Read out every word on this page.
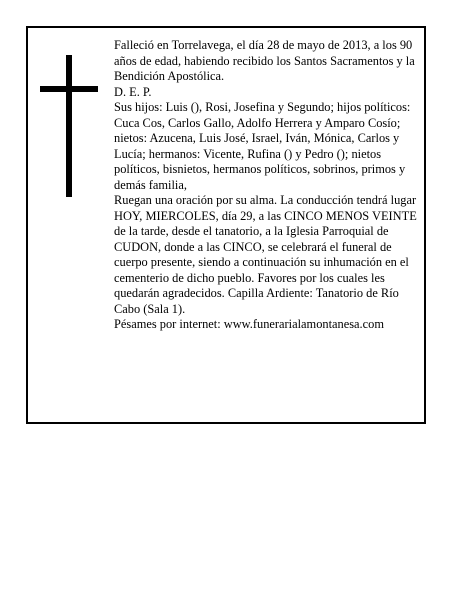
Falleció en Torrelavega, el día 28 de mayo de 2013, a los 90 años de edad, habiendo recibido los Santos Sacramentos y la Bendición Apostólica.

D. E. P.

Sus hijos: Luis (), Rosi, Josefina y Segundo; hijos políticos: Cuca Cos, Carlos Gallo, Adolfo Herrera y Amparo Cosío; nietos: Azucena, Luis José, Israel, Iván, Mónica, Carlos y Lucía; hermanos: Vicente, Rufina () y Pedro (); nietos políticos, bisnietos, hermanos políticos, sobrinos, primos y demás familia,

Ruegan una oración por su alma. La conducción tendrá lugar HOY, MIERCOLES, día 29, a las CINCO MENOS VEINTE de la tarde, desde el tanatorio, a la Iglesia Parroquial de CUDON, donde a las CINCO, se celebrará el funeral de cuerpo presente, siendo a continuación su inhumación en el cementerio de dicho pueblo. Favores por los cuales les quedarán agradecidos. Capilla Ardiente: Tanatorio de Río Cabo (Sala 1).

Pésames por internet: www.funerarialamontanesa.com
